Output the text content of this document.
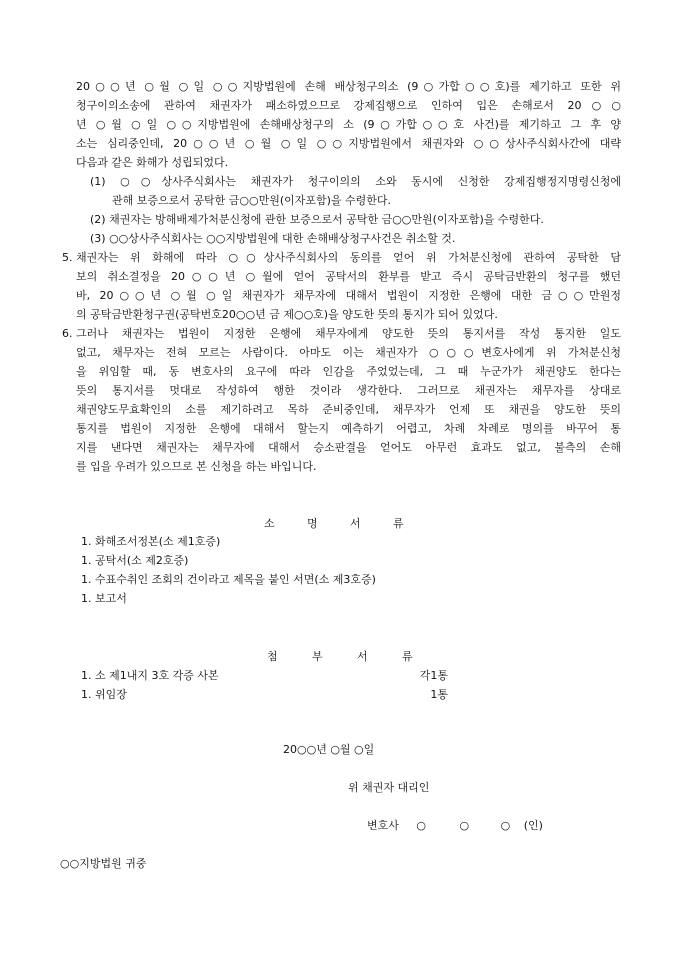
20○○년 ○월 ○일 ○○지방법원에 손해 배상청구의소 (9○가합○○호)를 제기하고 또한 위
청구이의소송에 관하여 채권자가 패소하였으므로 강제집행으로 인하여 입은 손해로서 20○○
년 ○월 ○일 ○○지방법원에 손해배상청구의 소 (9○가합○○호 사건)를 제기하고 그 후 양
소는 심리중인데, 20○○년 ○월 ○일 ○○지방법원에서 채권자와 ○○상사주식회사간에 대략
다음과 같은 화해가 성립되었다.
(1) ○○상사주식회사는 채권자가 청구이의의 소와 동시에 신청한 강제집행정지명령신청에
관해 보증으로서 공탁한 금○○만원(이자포함)을 수령한다.
(2) 채권자는 방해배제가처분신청에 관한 보증으로서 공탁한 금○○만원(이자포함)을 수령한다.
(3) ○○상사주식회사는 ○○지방법원에 대한 손해배상청구사건은 취소할 것.
5. 채권자는 위 화해에 따라 ○○상사주식회사의 동의를 얻어 위 가처분신청에 관하여 공탁한 담
보의 취소결정을 20○○년 ○월에 얻어 공탁서의 환부를 받고 즉시 공탁금반환의 청구를 했던
바, 20○○년 ○월 ○일 채권자가 채무자에 대해서 법원이 지정한 은행에 대한 금○○만원정
의 공탁금반환청구권(공탁번호20○○년 금 제○○호)을 양도한 뜻의 통지가 되어 있었다.
6. 그러나 채권자는 법원이 지정한 은행에 채무자에게 양도한 뜻의 통지서를 작성 통지한 일도
없고, 채무자는 전혀 모르는 사람이다. 아마도 이는 채권자가 ○○○변호사에게 위 가처분신청
을 위임할 때, 동 변호사의 요구에 따라 인감을 주었었는데, 그 때 누군가가 채권양도 한다는
뜻의 통지서를 멋대로 작성하여 행한 것이라 생각한다. 그러므로 채권자는 채무자를 상대로
채권양도무효확인의 소를 제기하려고 목하 준비중인데, 채무자가 언제 또 채권을 양도한 뜻의
통지를 법원이 지정한 은행에 대해서 할는지 예측하기 어렵고, 차례 차례로 명의를 바꾸어 통
지를 낸다면 채권자는 채무자에 대해서 승소판결을 얻어도 아무런 효과도 없고, 불측의 손해
를 입을 우려가 있으므로 본 신청을 하는 바입니다.
소	명	서	류
1. 화해조서정본(소 제1호증)
1. 공탁서(소 제2호증)
1. 수표수취인 조회의 건이라고 제목을 붙인 서면(소 제3호증)
1. 보고서
첨	부	서	류
1. 소 제1내지 3호 각증 사본	각1통
1. 위임장	1통
20○○년 ○월 ○일
위 채권자 대리인
변호사 ○	○	○ (인)
○○지방법원 귀중
